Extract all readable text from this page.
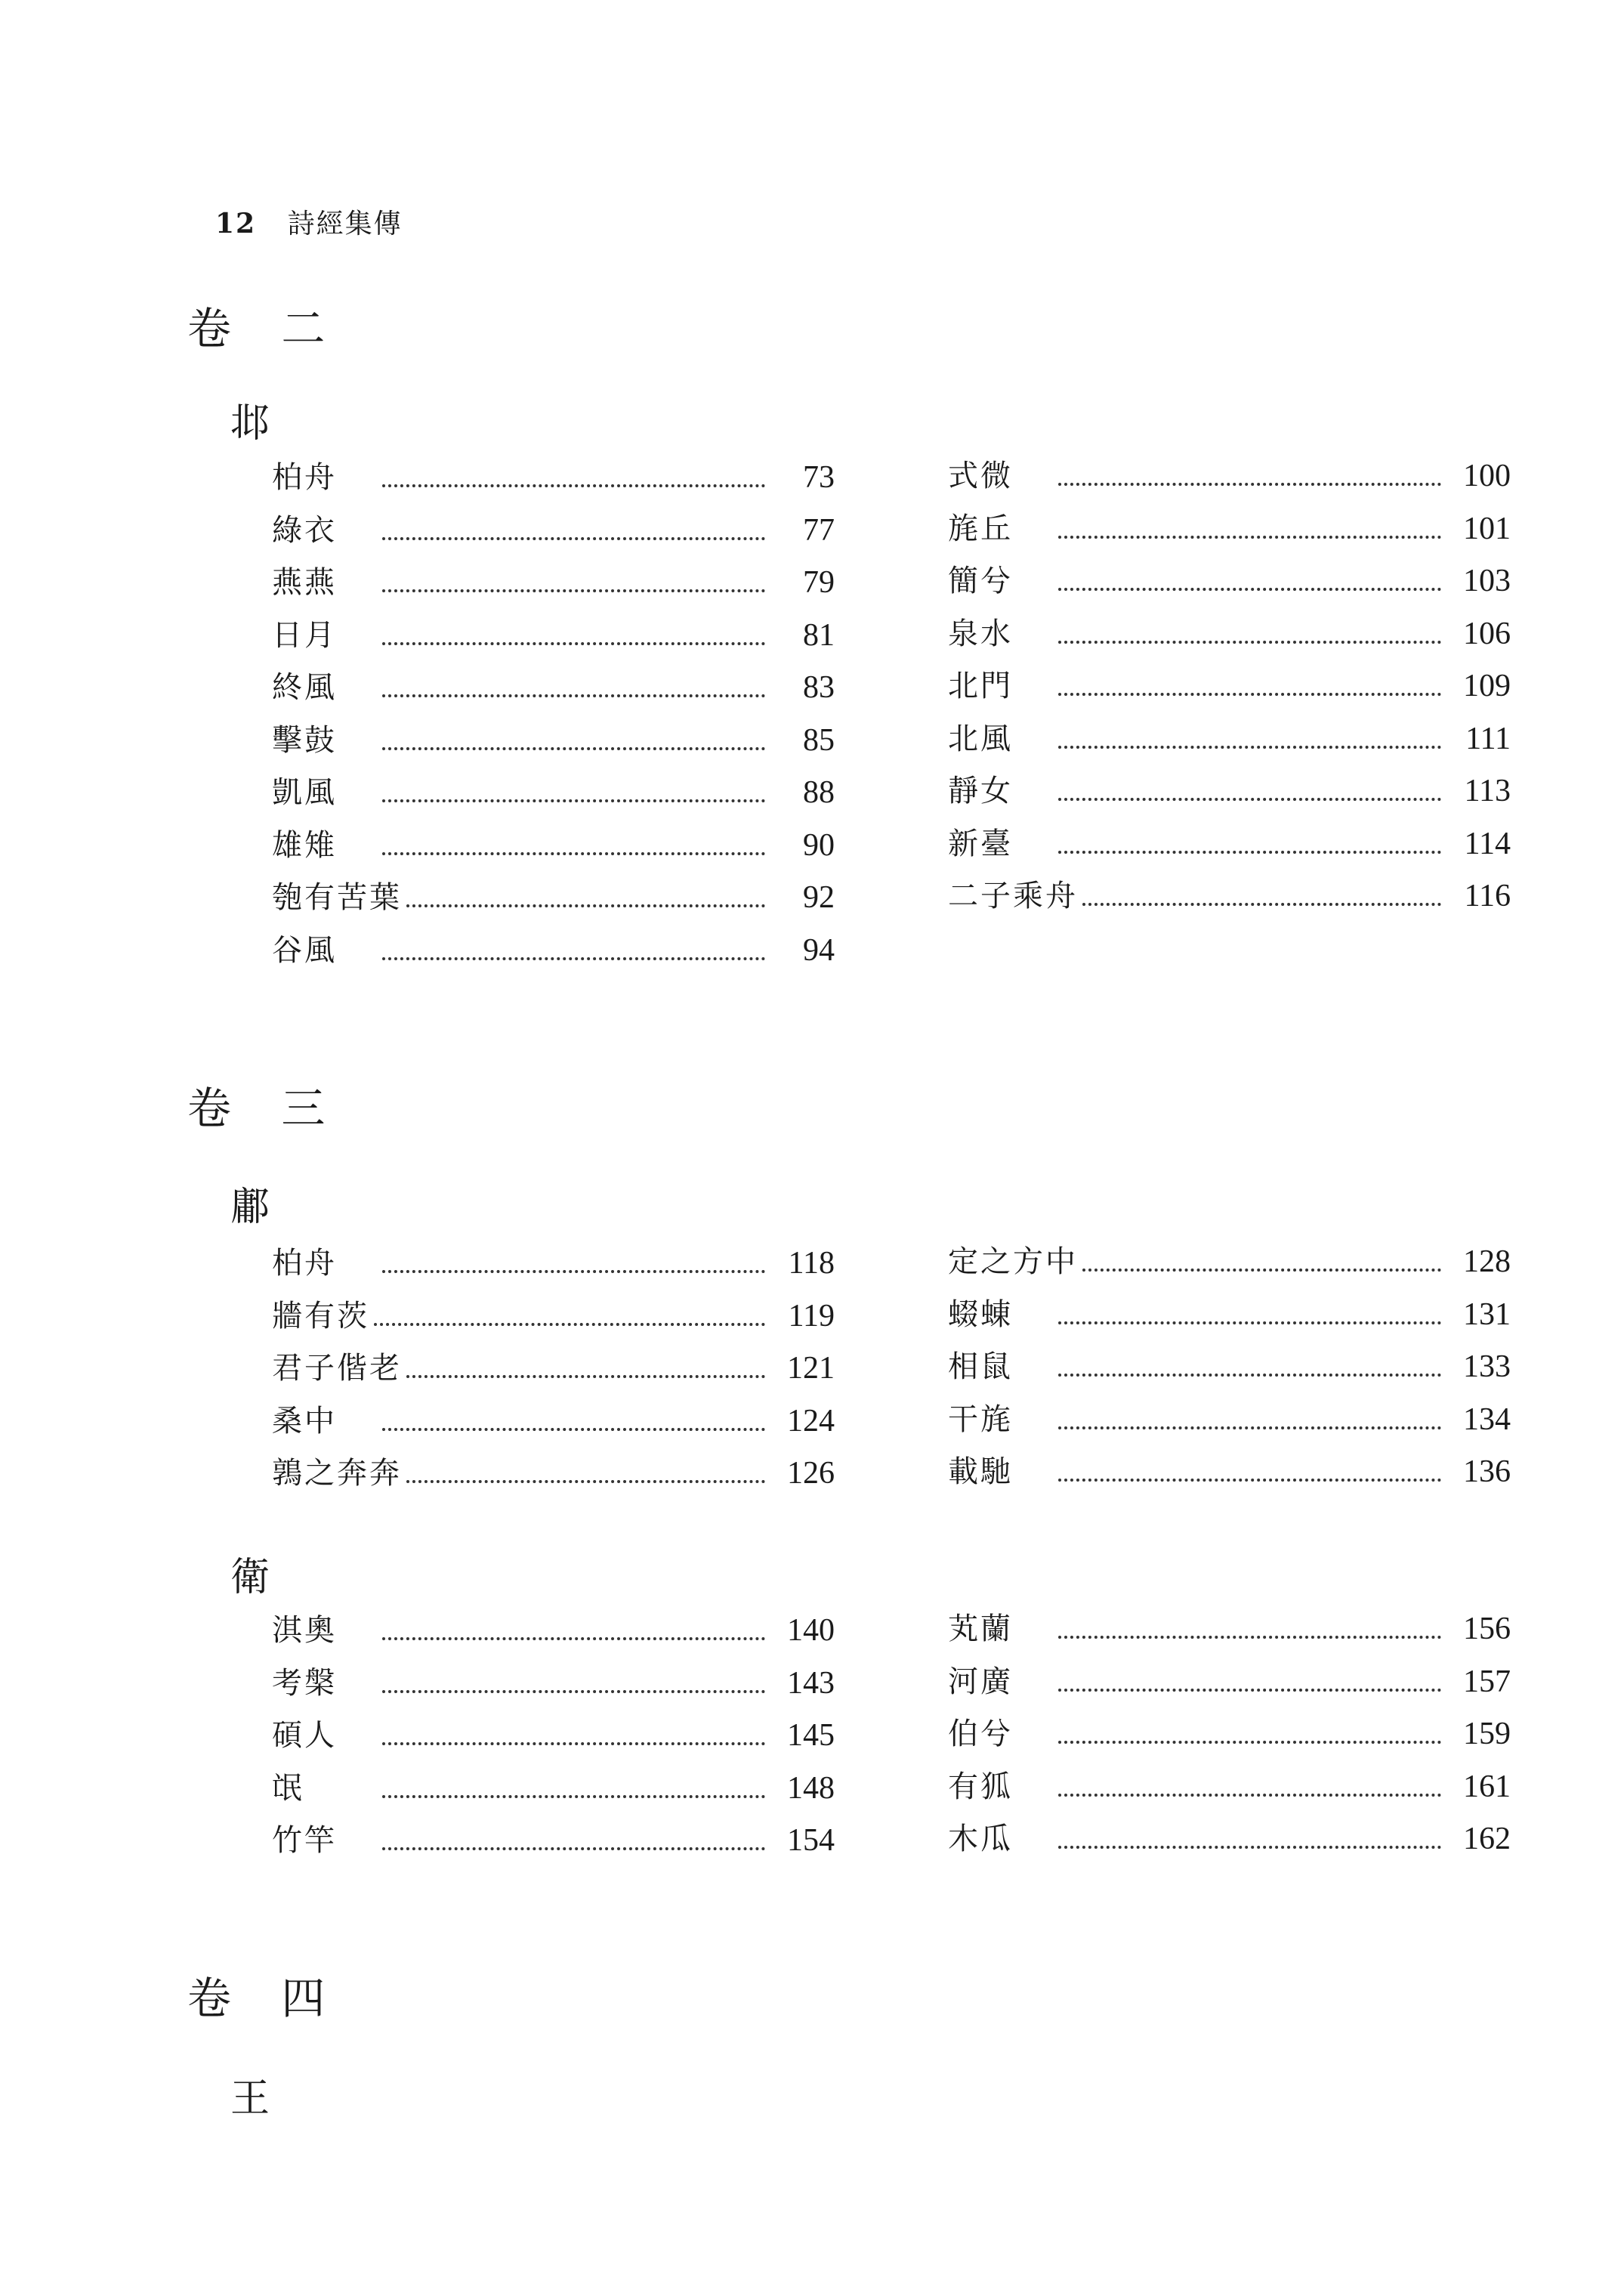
12 詩經集傳
卷 二
邶
柏舟	73
綠衣	77
燕燕	79
日月	81
終風	83
擊鼓	85
凱風	88
雄雉	90
匏有苦葉	92
谷風	94
式微	100
旄丘	101
簡兮	103
泉水	106
北門	109
北風	111
靜女	113
新臺	114
二子乘舟	116
卷 三
鄘
柏舟	118
牆有茨	119
君子偕老	121
桑中	124
鶉之奔奔	126
定之方中	128
蝃蝀	131
相鼠	133
干旄	134
載馳	136
衛
淇奧	140
考槃	143
碩人	145
氓	148
竹竿	154
芄蘭	156
河廣	157
伯兮	159
有狐	161
木瓜	162
卷 四
王
